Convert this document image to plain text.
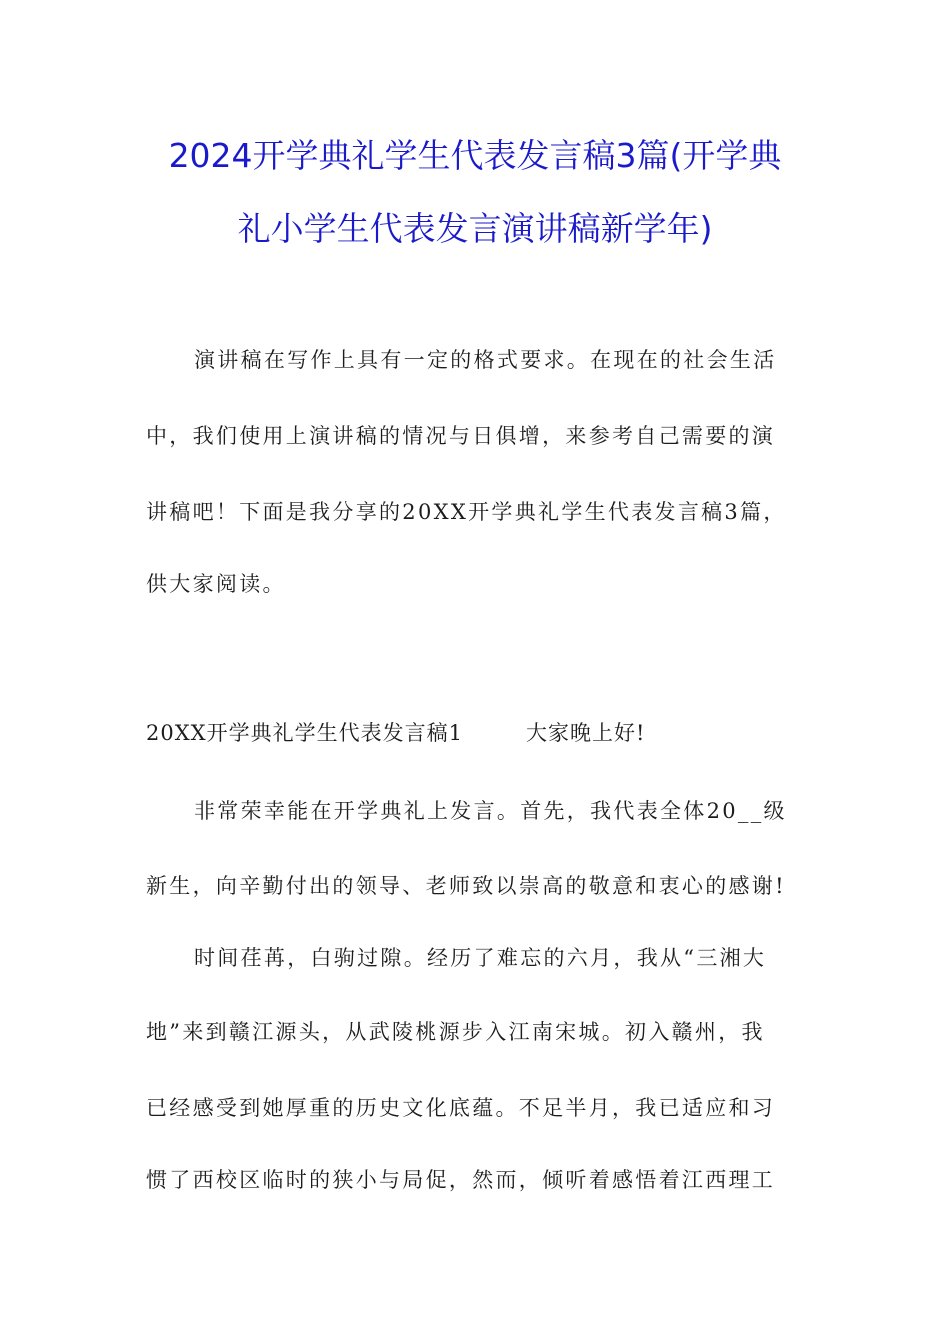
2024开学典礼学生代表发言稿3篇(开学典
礼小学生代表发言演讲稿新学年)
演讲稿在写作上具有一定的格式要求。在现在的社会生活
中，我们使用上演讲稿的情况与日俱增，来参考自己需要的演
讲稿吧！下面是我分享的20XX开学典礼学生代表发言稿3篇，
供大家阅读。
20XX开学典礼学生代表发言稿1	大家晚上好!
非常荣幸能在开学典礼上发言。首先，我代表全体20__级
新生，向辛勤付出的领导、老师致以崇高的敬意和衷心的感谢!
时间荏苒，白驹过隙。经历了难忘的六月，我从“三湘大
地”来到赣江源头，从武陵桃源步入江南宋城。初入赣州，我
已经感受到她厚重的历史文化底蕴。不足半月，我已适应和习
惯了西校区临时的狭小与局促，然而，倾听着感悟着江西理工
